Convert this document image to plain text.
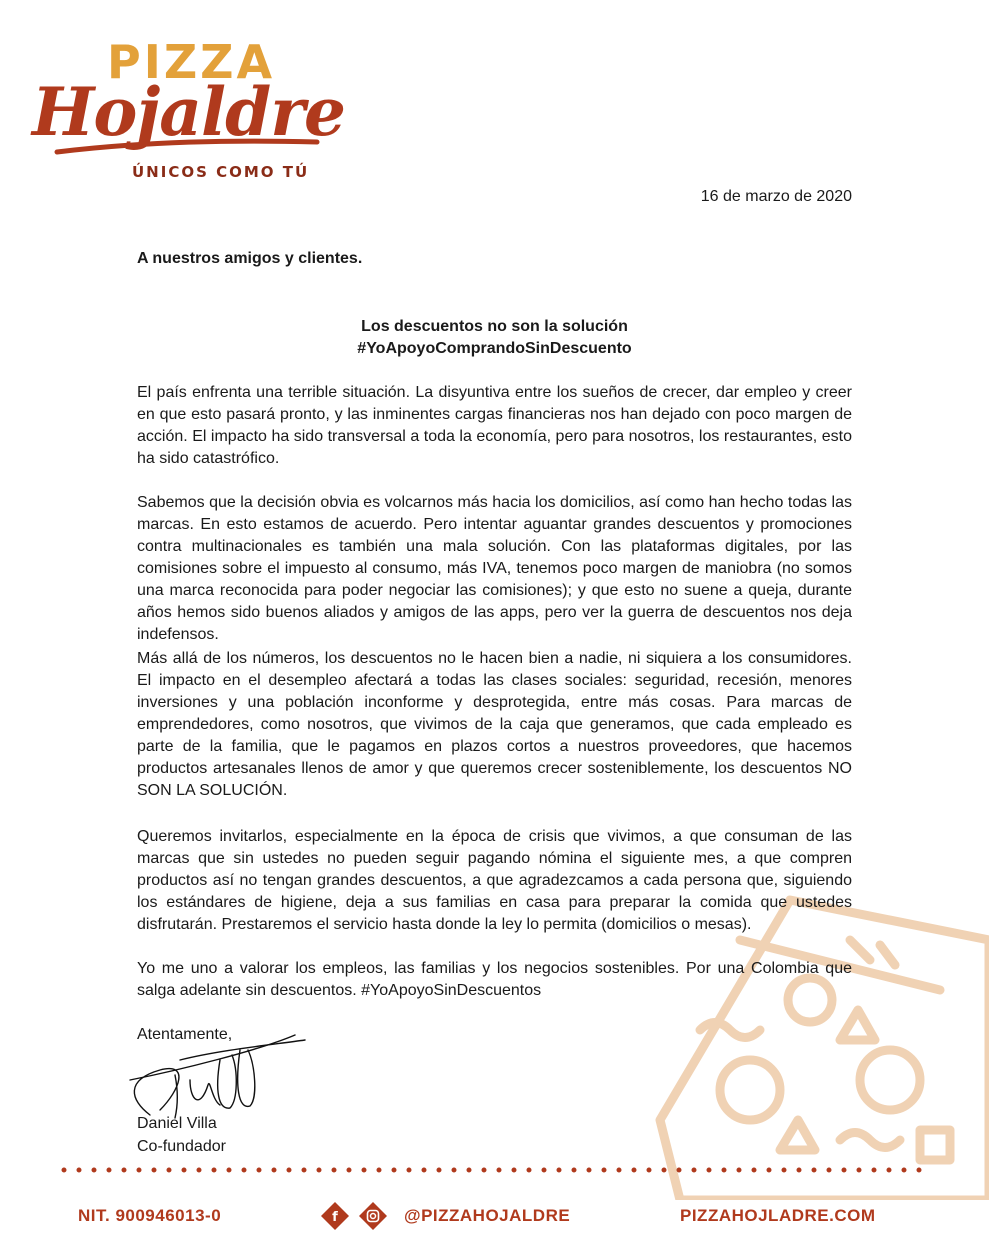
PIZZA
Hojaldre
ÚNICOS COMO TÚ
16 de marzo de 2020
A nuestros amigos y clientes.
Los descuentos no son la solución
#YoApoyoComprandoSinDescuento

El país enfrenta una terrible situación. La disyuntiva entre los sueños de crecer, dar empleo y creer en que esto pasará pronto, y las inminentes cargas financieras nos han dejado con poco margen de acción. El impacto ha sido transversal a toda la economía, pero para nosotros, los restaurantes, esto ha sido catastrófico.

Sabemos que la decisión obvia es volcarnos más hacia los domicilios, así como han hecho todas las marcas. En esto estamos de acuerdo. Pero intentar aguantar grandes descuentos y promociones contra multinacionales es también una mala solución. Con las plataformas digitales, por las comisiones sobre el impuesto al consumo, más IVA, tenemos poco margen de maniobra (no somos una marca reconocida para poder negociar las comisiones); y que esto no suene a queja, durante años hemos sido buenos aliados y amigos de las apps, pero ver la guerra de descuentos nos deja indefensos.

Más allá de los números, los descuentos no le hacen bien a nadie, ni siquiera a los consumidores. El impacto en el desempleo afectará a todas las clases sociales: seguridad, recesión, menores inversiones y una población inconforme y desprotegida, entre más cosas. Para marcas de emprendedores, como nosotros, que vivimos de la caja que generamos, que cada empleado es parte de la familia, que le pagamos en plazos cortos a nuestros proveedores, que hacemos productos artesanales llenos de amor y que queremos crecer sosteniblemente, los descuentos NO SON LA SOLUCIÓN.

Queremos invitarlos, especialmente en la época de crisis que vivimos, a que consuman de las marcas que sin ustedes no pueden seguir pagando nómina el siguiente mes, a que compren productos así no tengan grandes descuentos, a que agradezcamos a cada persona que, siguiendo los estándares de higiene, deja a sus familias en casa para preparar la comida que ustedes disfrutarán. Prestaremos el servicio hasta donde la ley lo permita (domicilios o mesas).

Yo me uno a valorar los empleos, las familias y los negocios sostenibles. Por una Colombia que salga adelante sin descuentos. #YoApoyoSinDescuentos

Atentamente,
Daniel Villa
Co-fundador
NIT. 900946013-0	f	@PIZZAHOJALDRE	PIZZAHOJLADRE.COM
